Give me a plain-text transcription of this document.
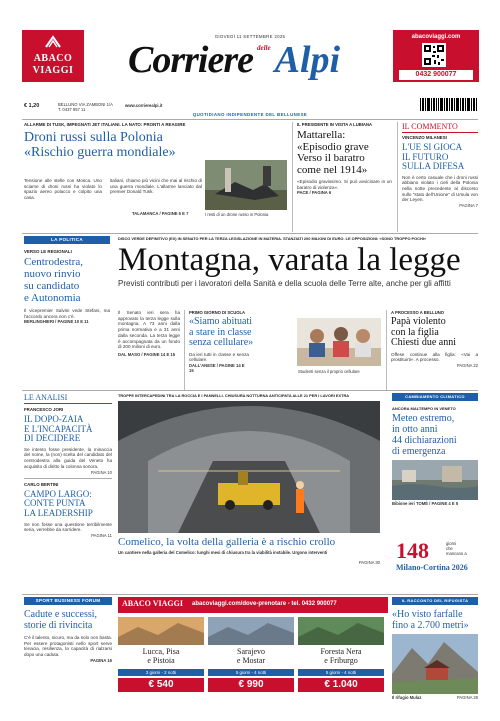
ABACO
VIAGGI
GIOVEDÌ 11 SETTEMBRE 2025
Corriere $^{delle}$ Alpi
abacoviaggi.com
0432 900077
€ 1,20	BELLUNO VIA ZAMBONI 1/A
T. 0437 957 11
www.corrierealpi.it
QUOTIDIANO INDIPENDENTE DEL BELLUNESE
ALLARME DI TUSK, IMPEGNATI JET ITALIANI. LA NATO: PRONTI A REAGIRE
Droni russi sulla Polonia
«Rischio guerra mondiale»
Tensione alle stelle con Mosca. Uno sciame di droni russi ha violato lo spazio aereo polacco e colpito una casa.
italiani, chiamo più vicini che mai al rischio di una guerra mondiale. L'allarme lanciato dal premier Donald Tusk.
TALAMANCA / PAGINE 6 E 7	I resti di un drone russo in Polonia
IL PRESIDENTE IN VISITA A LUBIANA
Mattarella:
«Episodio grave
Verso il baratro
come nel 1914»
«Episodio gravissimo. Si può avvicinare in un baratro di violenza».
PACE / PAGINA 6
IL COMMENTO
VINCENZO MILANESI
L'UE SI GIOCA
IL FUTURO
SULLA DIFESA
Non è certo casuale che i droni russi abbiano violato i cieli della Polonia nella notte precedente al discorso sullo "stato dell'Unione" di Ursula von der Leyen.
PAGINA 7
LA POLITICA
VERSO LE REGIONALI
Centrodestra,
nuovo rinvio
su candidato
e Autonomia
Il vicepremier Salvini vede Stefani, ma l'accordo ancora non c'è.
BERLINGHIERI / PAGINE 10 E 11
DISCO VERDE DEFINITIVO (EX) IN SENATO PER LA TERZA LEGISLAZIONE IN MATERIA. STANZIATI 200 MILIONI DI EURO. LE OPPOSIZIONI: «SONO TROPPO POCHI»
Montagna, varata la legge
Previsti contributi per i lavoratori della Sanità e della scuola delle Terre alte, anche per gli affitti
Il Senato ieri sera ha approvato la terza legge sulla montagna. A 73 anni dalla prima normativa e a 31 anni dalla seconda. La terza legge è accompagnata da un fondo di 200 milioni di euro.
DAL MASO / PAGINE 14 E 15
PRIMO GIORNO DI SCUOLA
«Siamo abituati
a stare in classe
senza cellulare»
Da ieri tutti in classe e senza cellulare.
DALL'ANESE / PAGINE 14 E 15	Studenti senza il proprio cellulare
A PROCESSO A BELLUNO
Papà violento
con la figlia
Chiesti due anni
Offese continue alla figlia: «Vai a prostituirti». A processo.
PAGINA 22
LE ANALISI
FRANCESCO JORI
IL DOPO-ZAIA
E L'INCAPACITÀ
DI DECIDERE
Se intento fosse presidente, la minaccia del nome, la (non) scelta del candidato del centrodestra alla guida del Veneto ha acquisito di diritto la colonna sonora.
PAGINA 10
CARLO BERTINI
CAMPO LARGO:
CONTE PUNTA
LA LEADERSHIP
Se non fosse una questione terribilmente seria, verrebbe da sorridere.
PAGINA 11
TROPPE INTERCAPEDINI TRA LA ROCCIA E I PANNELLI. CHIUSURA NOTTURNA ANTICIPATA ALLE 21 PER I LAVORI EXTRA
Comelico, la volta della galleria è a rischio crollo
Un cantiere nella galleria del Comelico: lunghi mesi di chiusura tra la viabilità instabile. Urgono interventi
PAGINA 30
CAMBIAMENTO CLIMATICO
ANCORA MALTEMPO IN VENETO
Meteo estremo,
in otto anni
44 dichiarazioni
di emergenza
Bibione ieri TOMÈ / PAGINE 4 E 5
148	giorni
che
mancano a
Milano-Cortina 2026
SPORT BUSINESS FORUM
Cadute e successi,
storie di rivincita
C'è il talento, sicuro, ma da solo non basta. Per essere protagonisti nello sport serve tenacia, resilienza, la capacità di rialzarsi dopo una caduta.
PAGINA 16
ABACO VIAGGI abacoviaggi.com/dove-prenotare - tel. 0432 900077
Lucca, Pisa
e Pistoia
3 giorni - 2 notti
€ 540
Sarajevo
e Mostar
5 giorni - 4 notti
€ 990
Foresta Nera
e Friburgo
5 giorni - 4 notti
€ 1.040
IL RACCONTO DEL RIFUGISTA
«Ho visto farfalle
fino a 2.700 metri»
Il rifugio Mulaz	PAGINA 28
